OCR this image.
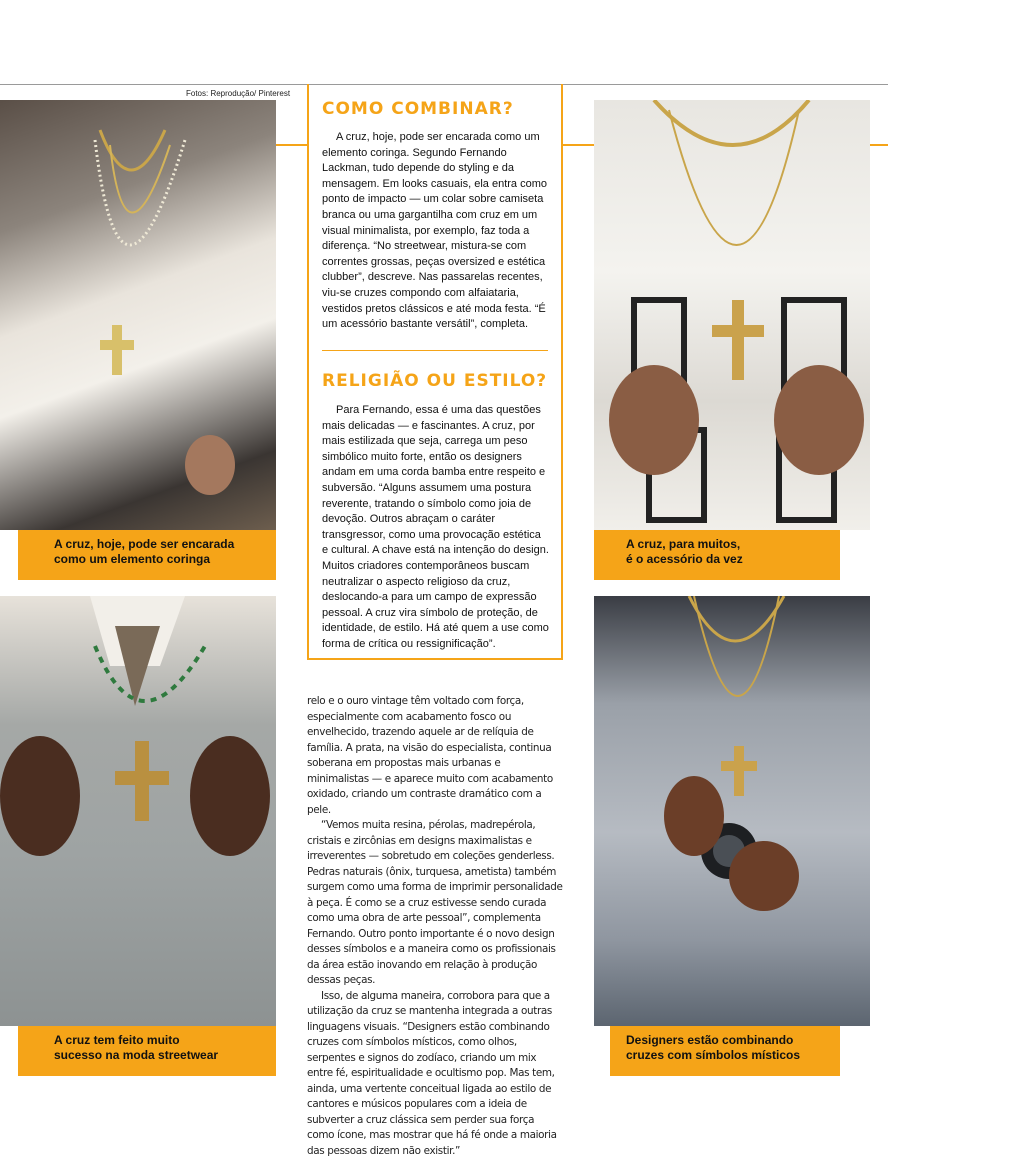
Fotos: Reprodução/ Pinterest
A cruz, hoje, pode ser encarada
como um elemento coringa
A cruz, para muitos,
é o acessório da vez
A cruz tem feito muito
sucesso na moda streetwear
Designers estão combinando
cruzes com símbolos místicos
COMO COMBINAR?

A cruz, hoje, pode ser encarada como um elemento coringa. Segundo Fernando Lackman, tudo depende do styling e da mensagem. Em looks casuais, ela entra como ponto de impacto — um colar sobre camiseta branca ou uma gargantilha com cruz em um visual minimalista, por exemplo, faz toda a diferença. “No streetwear, mistura-se com correntes grossas, peças oversized e estética clubber”, descreve. Nas passarelas recentes, viu-se cruzes compondo com alfaiataria, vestidos pretos clássicos e até moda festa. “É um acessório bastante versátil”, completa.

RELIGIÃO OU ESTILO?

Para Fernando, essa é uma das questões mais delicadas — e fascinantes. A cruz, por mais estilizada que seja, carrega um peso simbólico muito forte, então os designers andam em uma corda bamba entre respeito e subversão. “Alguns assumem uma postura reverente, tratando o símbolo como joia de devoção. Outros abraçam o caráter transgressor, como uma provocação estética e cultural. A chave está na intenção do design. Muitos criadores contemporâneos buscam neutralizar o aspecto religioso da cruz, deslocando-a para um campo de expressão pessoal. A cruz vira símbolo de proteção, de identidade, de estilo. Há até quem a use como forma de crítica ou ressignificação”.

relo e o ouro vintage têm voltado com força, especialmente com acabamento fosco ou envelhecido, trazendo aquele ar de relíquia de família. A prata, na visão do especialista, continua soberana em propostas mais urbanas e minimalistas — e aparece muito com acabamento oxidado, criando um contraste dramático com a pele.

“Vemos muita resina, pérolas, madrepérola, cristais e zircônias em designs maximalistas e irreverentes — sobretudo em coleções genderless. Pedras naturais (ônix, turquesa, ametista) também surgem como uma forma de imprimir personalidade à peça. É como se a cruz estivesse sendo curada como uma obra de arte pessoal”, complementa Fernando. Outro ponto importante é o novo design desses símbolos e a maneira como os profissionais da área estão inovando em relação à produção dessas peças.

Isso, de alguma maneira, corrobora para que a utilização da cruz se mantenha integrada a outras linguagens visuais. “Designers estão combinando cruzes com símbolos místicos, como olhos, serpentes e signos do zodíaco, criando um mix entre fé, espiritualidade e ocultismo pop. Mas tem, ainda, uma vertente conceitual ligada ao estilo de cantores e músicos populares com a ideia de subverter a cruz clássica sem perder sua força como ícone, mas mostrar que há fé onde a maioria das pessoas dizem não existir.”
